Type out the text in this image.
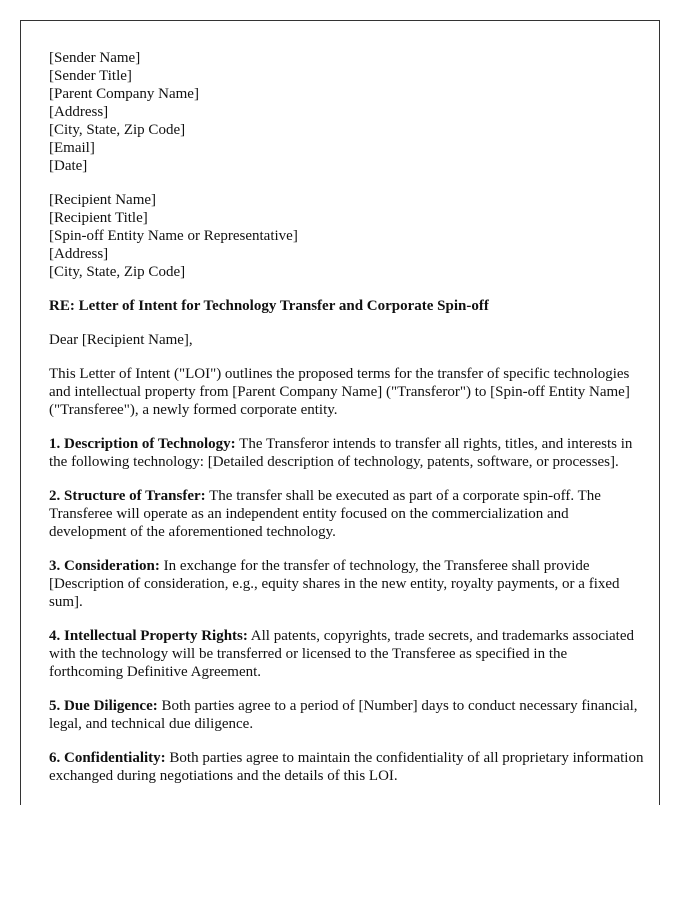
[Sender Name]
[Sender Title]
[Parent Company Name]
[Address]
[City, State, Zip Code]
[Email]
[Date]
[Recipient Name]
[Recipient Title]
[Spin-off Entity Name or Representative]
[Address]
[City, State, Zip Code]
RE: Letter of Intent for Technology Transfer and Corporate Spin-off
Dear [Recipient Name],
This Letter of Intent ("LOI") outlines the proposed terms for the transfer of specific technologies and intellectual property from [Parent Company Name] ("Transferor") to [Spin-off Entity Name] ("Transferee"), a newly formed corporate entity.
1. Description of Technology: The Transferor intends to transfer all rights, titles, and interests in the following technology: [Detailed description of technology, patents, software, or processes].
2. Structure of Transfer: The transfer shall be executed as part of a corporate spin-off. The Transferee will operate as an independent entity focused on the commercialization and development of the aforementioned technology.
3. Consideration: In exchange for the transfer of technology, the Transferee shall provide [Description of consideration, e.g., equity shares in the new entity, royalty payments, or a fixed sum].
4. Intellectual Property Rights: All patents, copyrights, trade secrets, and trademarks associated with the technology will be transferred or licensed to the Transferee as specified in the forthcoming Definitive Agreement.
5. Due Diligence: Both parties agree to a period of [Number] days to conduct necessary financial, legal, and technical due diligence.
6. Confidentiality: Both parties agree to maintain the confidentiality of all proprietary information exchanged during negotiations and the details of this LOI.
